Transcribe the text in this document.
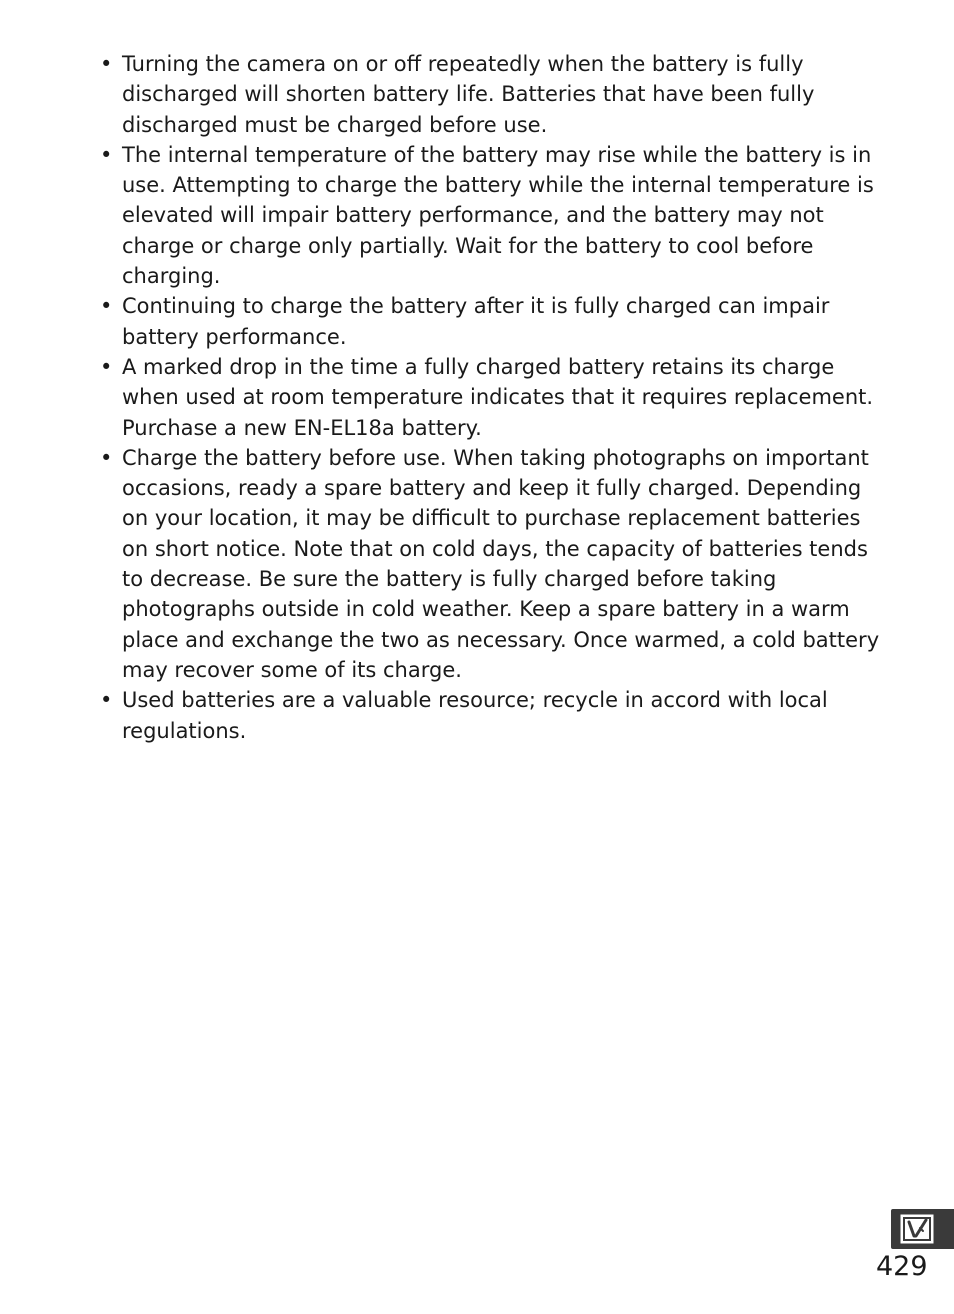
• Turning the camera on or off repeatedly when the battery is fully discharged will shorten battery life. Batteries that have been fully discharged must be charged before use.
• The internal temperature of the battery may rise while the battery is in use. Attempting to charge the battery while the internal temperature is elevated will impair battery performance, and the battery may not charge or charge only partially. Wait for the battery to cool before charging.
• Continuing to charge the battery after it is fully charged can impair battery performance.
• A marked drop in the time a fully charged battery retains its charge when used at room temperature indicates that it requires replacement. Purchase a new EN-EL18a battery.
• Charge the battery before use. When taking photographs on important occasions, ready a spare battery and keep it fully charged. Depending on your location, it may be difficult to purchase replacement batteries on short notice. Note that on cold days, the capacity of batteries tends to decrease. Be sure the battery is fully charged before taking photographs outside in cold weather. Keep a spare battery in a warm place and exchange the two as necessary. Once warmed, a cold battery may recover some of its charge.
• Used batteries are a valuable resource; recycle in accord with local regulations.
429
